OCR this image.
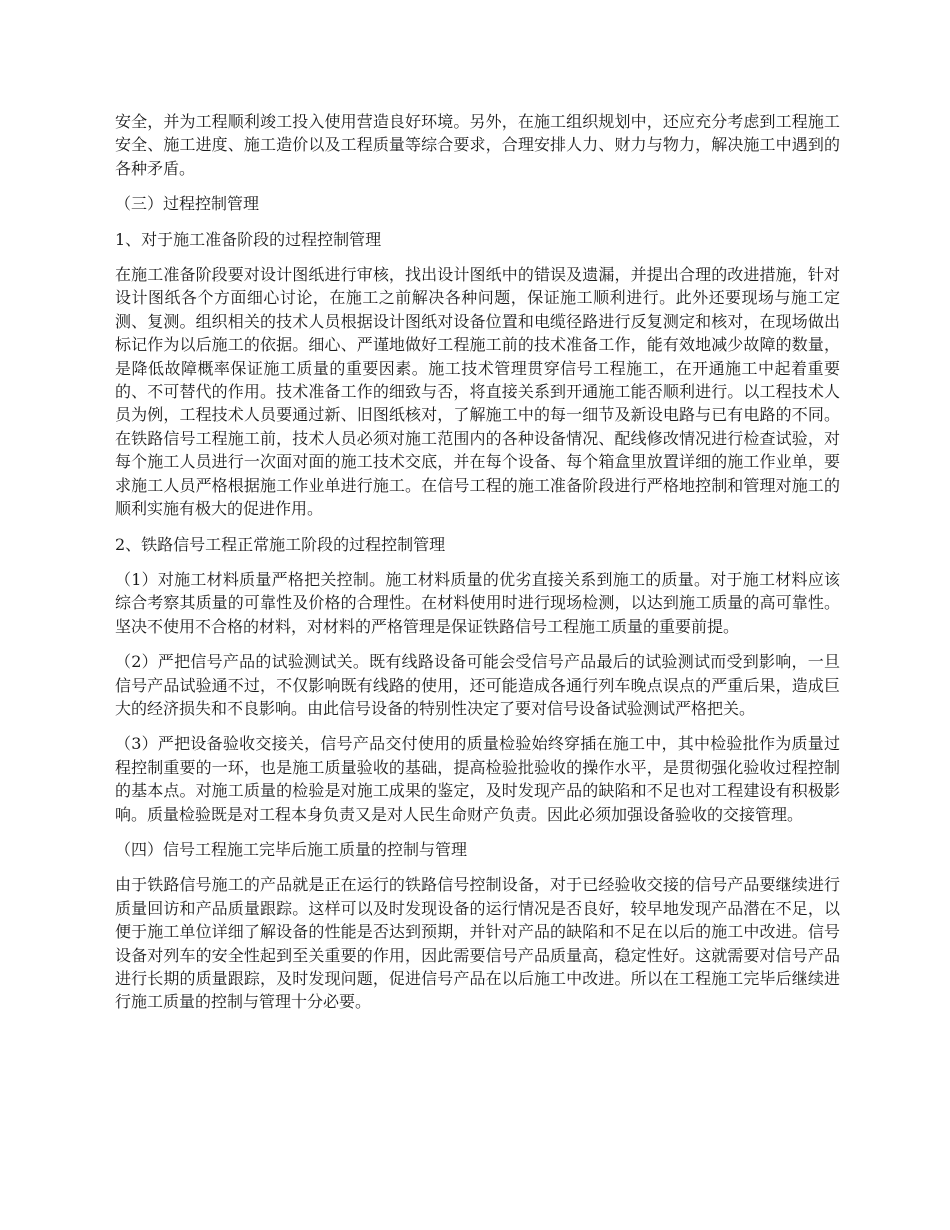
安全，并为工程顺利竣工投入使用营造良好环境。另外，在施工组织规划中，还应充分考虑到工程施工安全、施工进度、施工造价以及工程质量等综合要求，合理安排人力、财力与物力，解决施工中遇到的各种矛盾。

（三）过程控制管理

1、对于施工准备阶段的过程控制管理

在施工准备阶段要对设计图纸进行审核，找出设计图纸中的错误及遗漏，并提出合理的改进措施，针对设计图纸各个方面细心讨论，在施工之前解决各种问题，保证施工顺利进行。此外还要现场与施工定测、复测。组织相关的技术人员根据设计图纸对设备位置和电缆径路进行反复测定和核对，在现场做出标记作为以后施工的依据。细心、严谨地做好工程施工前的技术准备工作，能有效地减少故障的数量，是降低故障概率保证施工质量的重要因素。施工技术管理贯穿信号工程施工，在开通施工中起着重要的、不可替代的作用。技术准备工作的细致与否，将直接关系到开通施工能否顺利进行。以工程技术人员为例，工程技术人员要通过新、旧图纸核对，了解施工中的每一细节及新设电路与已有电路的不同。在铁路信号工程施工前，技术人员必须对施工范围内的各种设备情况、配线修改情况进行检查试验，对每个施工人员进行一次面对面的施工技术交底，并在每个设备、每个箱盒里放置详细的施工作业单，要求施工人员严格根据施工作业单进行施工。在信号工程的施工准备阶段进行严格地控制和管理对施工的顺利实施有极大的促进作用。

2、铁路信号工程正常施工阶段的过程控制管理

（1）对施工材料质量严格把关控制。施工材料质量的优劣直接关系到施工的质量。对于施工材料应该综合考察其质量的可靠性及价格的合理性。在材料使用时进行现场检测，以达到施工质量的高可靠性。坚决不使用不合格的材料，对材料的严格管理是保证铁路信号工程施工质量的重要前提。

（2）严把信号产品的试验测试关。既有线路设备可能会受信号产品最后的试验测试而受到影响，一旦信号产品试验通不过，不仅影响既有线路的使用，还可能造成各通行列车晚点误点的严重后果，造成巨大的经济损失和不良影响。由此信号设备的特别性决定了要对信号设备试验测试严格把关。

（3）严把设备验收交接关，信号产品交付使用的质量检验始终穿插在施工中，其中检验批作为质量过程控制重要的一环，也是施工质量验收的基础，提高检验批验收的操作水平，是贯彻强化验收过程控制的基本点。对施工质量的检验是对施工成果的鉴定，及时发现产品的缺陷和不足也对工程建设有积极影响。质量检验既是对工程本身负责又是对人民生命财产负责。因此必须加强设备验收的交接管理。

（四）信号工程施工完毕后施工质量的控制与管理

由于铁路信号施工的产品就是正在运行的铁路信号控制设备，对于已经验收交接的信号产品要继续进行质量回访和产品质量跟踪。这样可以及时发现设备的运行情况是否良好，较早地发现产品潜在不足，以便于施工单位详细了解设备的性能是否达到预期，并针对产品的缺陷和不足在以后的施工中改进。信号设备对列车的安全性起到至关重要的作用，因此需要信号产品质量高，稳定性好。这就需要对信号产品进行长期的质量跟踪，及时发现问题，促进信号产品在以后施工中改进。所以在工程施工完毕后继续进行施工质量的控制与管理十分必要。
